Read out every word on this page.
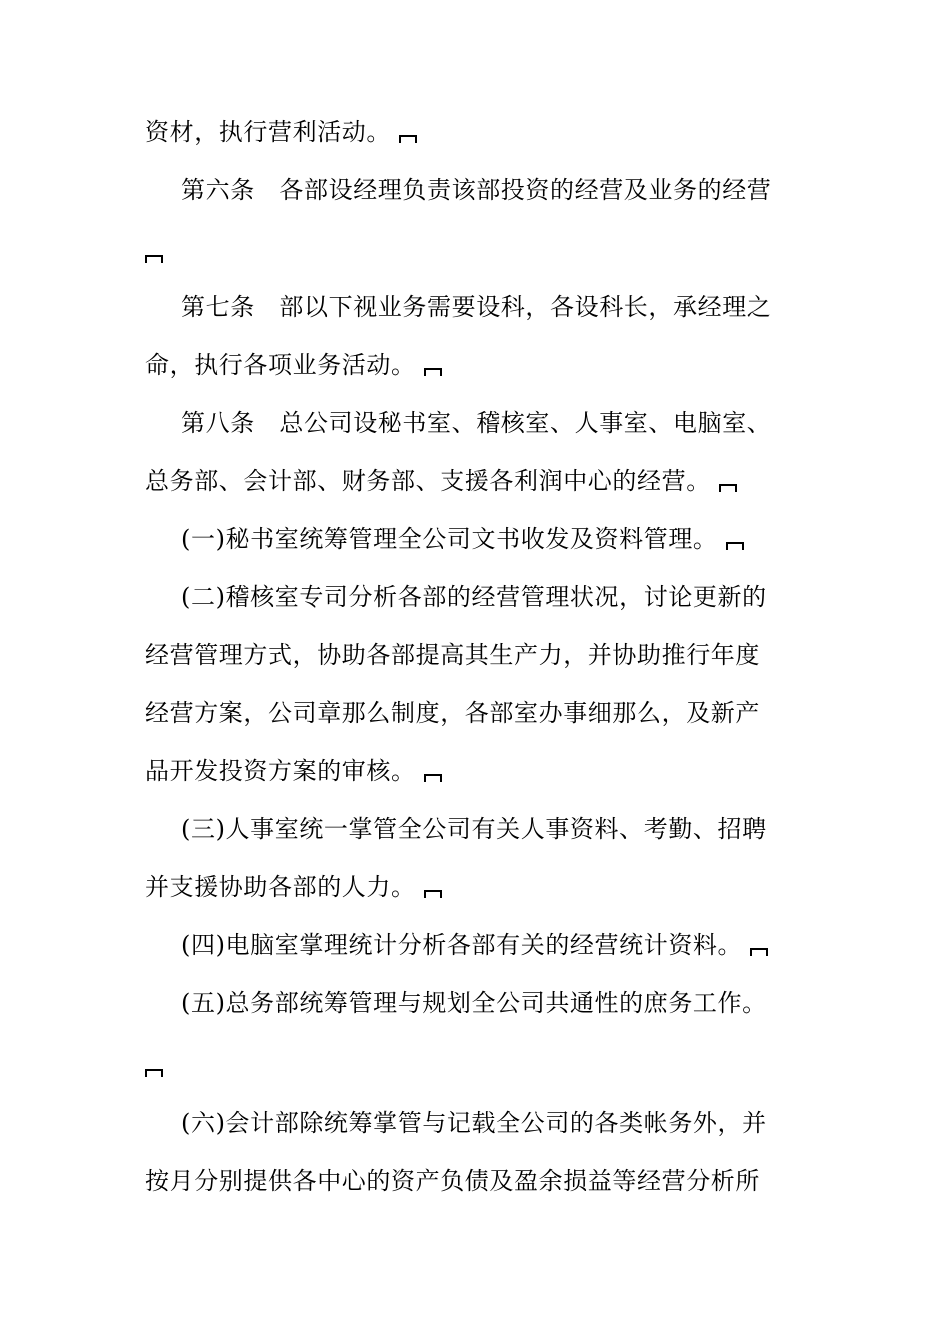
资材，执行营利活动。
第六条　各部设经理负责该部投资的经营及业务的经营
第七条　部以下视业务需要设科，各设科长，承经理之
命，执行各项业务活动。
第八条　总公司设秘书室、稽核室、人事室、电脑室、
总务部、会计部、财务部、支援各利润中心的经营。
(一)秘书室统筹管理全公司文书收发及资料管理。
(二)稽核室专司分析各部的经营管理状况，讨论更新的
经营管理方式，协助各部提高其生产力，并协助推行年度
经营方案，公司章那么制度，各部室办事细那么，及新产
品开发投资方案的审核。
(三)人事室统一掌管全公司有关人事资料、考勤、招聘
并支援协助各部的人力。
(四)电脑室掌理统计分析各部有关的经营统计资料。
(五)总务部统筹管理与规划全公司共通性的庶务工作。
(六)会计部除统筹掌管与记载全公司的各类帐务外，并
按月分别提供各中心的资产负债及盈余损益等经营分析所
